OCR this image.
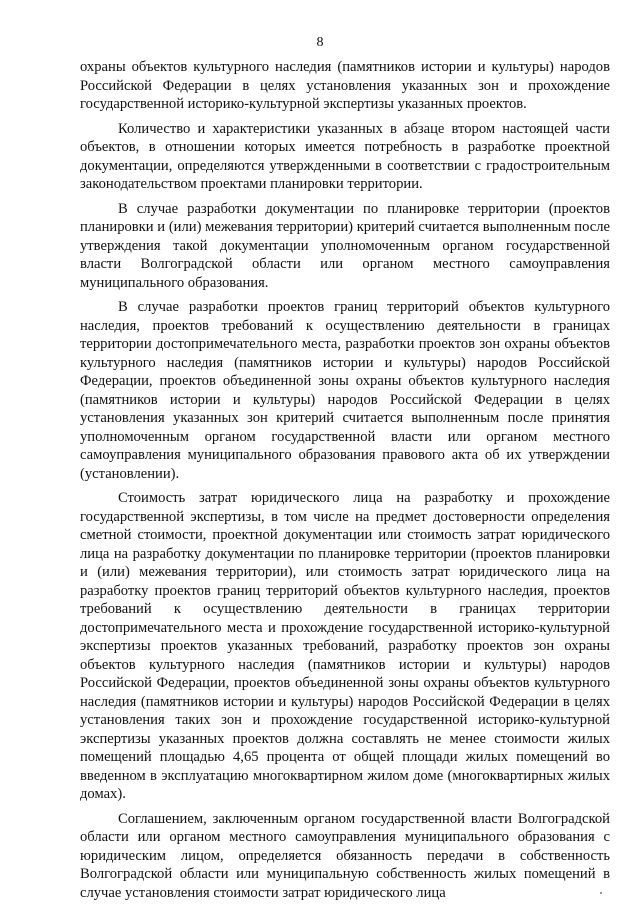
8

охраны объектов культурного наследия (памятников истории и культуры) народов Российской Федерации в целях установления указанных зон и прохождение государственной историко-культурной экспертизы указанных проектов.

Количество и характеристики указанных в абзаце втором настоящей части объектов, в отношении которых имеется потребность в разработке проектной документации, определяются утвержденными в соответствии с градостроительным законодательством проектами планировки территории.

В случае разработки документации по планировке территории (проектов планировки и (или) межевания территории) критерий считается выполненным после утверждения такой документации уполномоченным органом государственной власти Волгоградской области или органом местного самоуправления муниципального образования.

В случае разработки проектов границ территорий объектов культурного наследия, проектов требований к осуществлению деятельности в границах территории достопримечательного места, разработки проектов зон охраны объектов культурного наследия (памятников истории и культуры) народов Российской Федерации, проектов объединенной зоны охраны объектов культурного наследия (памятников истории и культуры) народов Российской Федерации в целях установления указанных зон критерий считается выполненным после принятия уполномоченным органом государственной власти или органом местного самоуправления муниципального образования правового акта об их утверждении (установлении).

Стоимость затрат юридического лица на разработку и прохождение государственной экспертизы, в том числе на предмет достоверности определения сметной стоимости, проектной документации или стоимость затрат юридического лица на разработку документации по планировке территории (проектов планировки и (или) межевания территории), или стоимость затрат юридического лица на разработку проектов границ территорий объектов культурного наследия, проектов требований к осуществлению деятельности в границах территории достопримечательного места и прохождение государственной историко-культурной экспертизы проектов указанных требований, разработку проектов зон охраны объектов культурного наследия (памятников истории и культуры) народов Российской Федерации, проектов объединенной зоны охраны объектов культурного наследия (памятников истории и культуры) народов Российской Федерации в целях установления таких зон и прохождение государственной историко-культурной экспертизы указанных проектов должна составлять не менее стоимости жилых помещений площадью 4,65 процента от общей площади жилых помещений во введенном в эксплуатацию многоквартирном жилом доме (многоквартирных жилых домах).

Соглашением, заключенным органом государственной власти Волгоградской области или органом местного самоуправления муниципального образования с юридическим лицом, определяется обязанность передачи в собственность Волгоградской области или муниципальную собственность жилых помещений в случае установления стоимости затрат юридического лица
